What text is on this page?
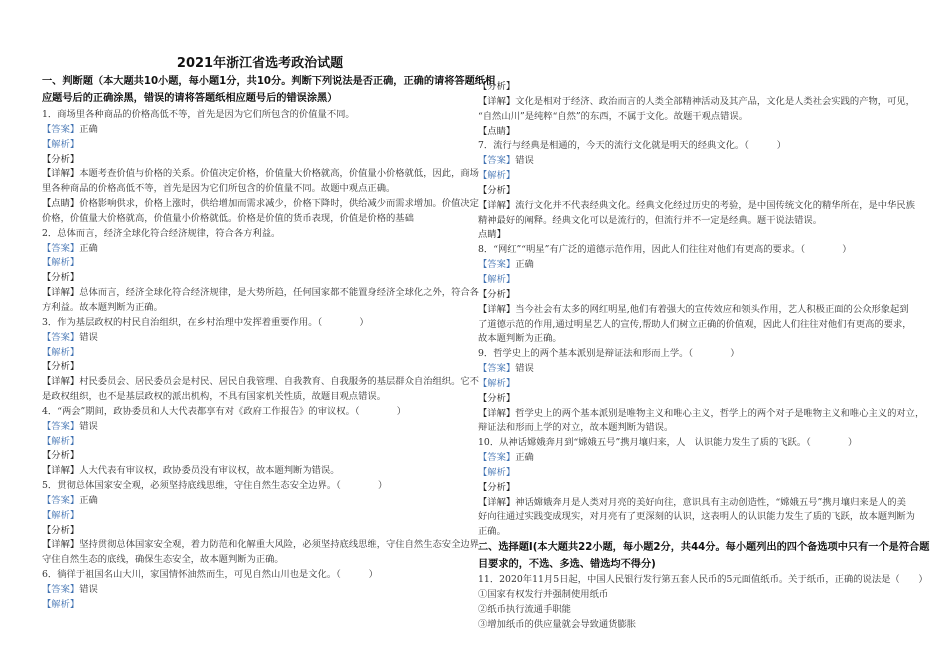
2021年浙江省选考政治试题
一、判断题（本大题共10小题，每小题1分，共10分。判断下列说法是否正确，正确的请将答题纸相
应题号后的正确涂黑，错误的请将答题纸相应题号后的错误涂黑）
1．商场里各种商品的价格高低不等，首先是因为它们所包含的价值量不同。
【答案】正确
【解析】
【分析】
【详解】本题考查价值与价格的关系。价值决定价格，价值量大价格就高，价值量小价格就低，因此，商场
里各种商品的价格高低不等，首先是因为它们所包含的价值量不同。故题中观点正确。
【点睛】价格影响供求，价格上涨时，供给增加而需求减少，价格下降时，供给减少而需求增加。价值决定
价格，价值量大价格就高，价值量小价格就低。价格是价值的货币表现，价值是价格的基础
2．总体而言，经济全球化符合经济规律，符合各方利益。
【答案】正确
【解析】
【分析】
【详解】总体而言，经济全球化符合经济规律，是大势所趋，任何国家都不能置身经济全球化之外，符合各
方利益。故本题判断为正确。
3．作为基层政权的村民自治组织，在乡村治理中发挥着重要作用。（　　　　）
【答案】错误
【解析】
【分析】
【详解】村民委员会、居民委员会是村民、居民自我管理、自我教育、自我服务的基层群众自治组织。它不
是政权组织，也不是基层政权的派出机构，不具有国家机关性质，故题目观点错误。
4．“两会”期间，政协委员和人大代表都享有对《政府工作报告》的审议权。（　　　　）
【答案】错误
【解析】
【分析】
【详解】人大代表有审议权，政协委员没有审议权，故本题判断为错误。
5．贯彻总体国家安全观，必须坚持底线思维，守住自然生态安全边界。（　　　　）
【答案】正确
【解析】
【分析】
【详解】坚持贯彻总体国家安全观，着力防范和化解重大风险，必须坚持底线思维，守住自然生态安全边界，
守住自然生态的底线，确保生态安全，故本题判断为正确。
6．徜徉于祖国名山大川，家国情怀油然而生，可见自然山川也是文化。（　　　）
【答案】错误
【解析】
【分析】
【详解】文化是相对于经济、政治而言的人类全部精神活动及其产品，文化是人类社会实践的产物，可见，
“自然山川”是纯粹“自然”的东西，不属于文化。故题干观点错误。
【点睛】
7．流行与经典是相通的，今天的流行文化就是明天的经典文化。（　　　）
【答案】错误
【解析】
【分析】
【详解】流行文化并不代表经典文化。经典文化经过历史的考验，是中国传统文化的精华所在，是中华民族
精神最好的阐释。经典文化可以是流行的，但流行并不一定是经典。题干说法错误。
点睛】
8．“网红”“明星”有广泛的道德示范作用，因此人们往往对他们有更高的要求。（　　　　）
【答案】正确
【解析】
【分析】
【详解】当今社会有太多的网红明星,他们有着强大的宣传效应和领头作用，艺人积极正面的公众形象起到
了道德示范的作用,通过明星艺人的宣传,帮助人们树立正确的价值观，因此人们往往对他们有更高的要求，
故本题判断为正确。
9．哲学史上的两个基本派别是辩证法和形而上学。（　　　　）
【答案】错误
【解析】
【分析】
【详解】哲学史上的两个基本派别是唯物主义和唯心主义，哲学上的两个对子是唯物主义和唯心主义的对立，
辩证法和形而上学的对立，故本题判断为错误。
10．从神话嫦娥奔月到“嫦娥五号”携月壤归来，人　认识能力发生了质的飞跃。（　　　　）
【答案】正确
【解析】
【分析】
【详解】神话嫦娥奔月是人类对月亮的美好向往，意识具有主动创造性，“嫦娥五号”携月壤归来是人的美
好向往通过实践变成现实，对月亮有了更深刻的认识，这表明人的认识能力发生了质的飞跃，故本题判断为
正确。
二、选择题Ⅰ(本大题共22小题，每小题2分，共44分。每小题列出的四个备选项中只有一个是符合题
目要求的，不选、多选、错选均不得分)
11．2020年11月5日起，中国人民银行发行第五套人民币的5元面值纸币。关于纸币，正确的说法是（　　）
①国家有权发行并强制使用纸币
②纸币执行流通手职能
③增加纸币的供应量就会导致通货膨胀
